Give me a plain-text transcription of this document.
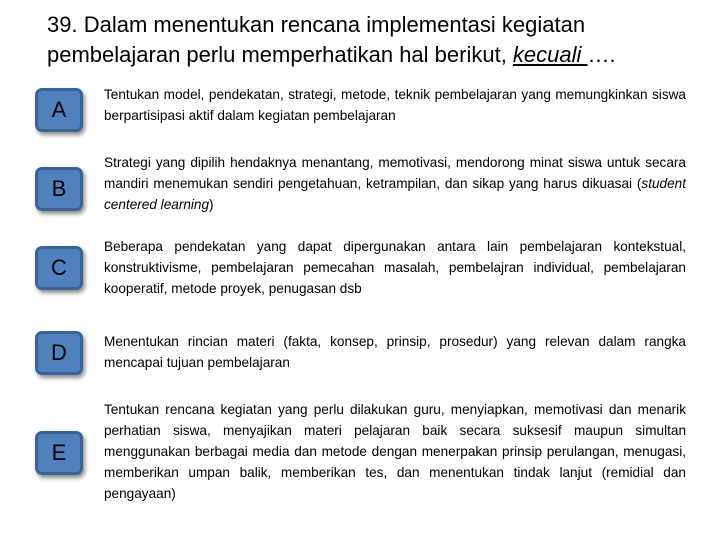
39. Dalam menentukan rencana implementasi kegiatan pembelajaran perlu memperhatikan hal berikut, kecuali ….
A
Tentukan model, pendekatan, strategi, metode, teknik pembelajaran yang memungkinkan siswa berpartisipasi aktif dalam kegiatan pembelajaran
B
Strategi yang dipilih hendaknya menantang, memotivasi, mendorong minat siswa untuk secara mandiri menemukan sendiri pengetahuan, ketrampilan, dan sikap yang harus dikuasai (student centered learning)
C
Beberapa pendekatan yang dapat dipergunakan antara lain pembelajaran kontekstual, konstruktivisme, pembelajaran pemecahan masalah, pembelajran individual, pembelajaran kooperatif, metode proyek, penugasan dsb
D	Menentukan rincian materi (fakta, konsep, prinsip, prosedur) yang relevan dalam rangka mencapai tujuan pembelajaran
E
Tentukan rencana kegiatan yang perlu dilakukan guru, menyiapkan, memotivasi dan menarik perhatian siswa, menyajikan materi pelajaran baik secara suksesif maupun simultan menggunakan berbagai media dan metode dengan menerpakan prinsip perulangan, menugasi, memberikan umpan balik, memberikan tes, dan menentukan tindak lanjut (remidial dan pengayaan)
